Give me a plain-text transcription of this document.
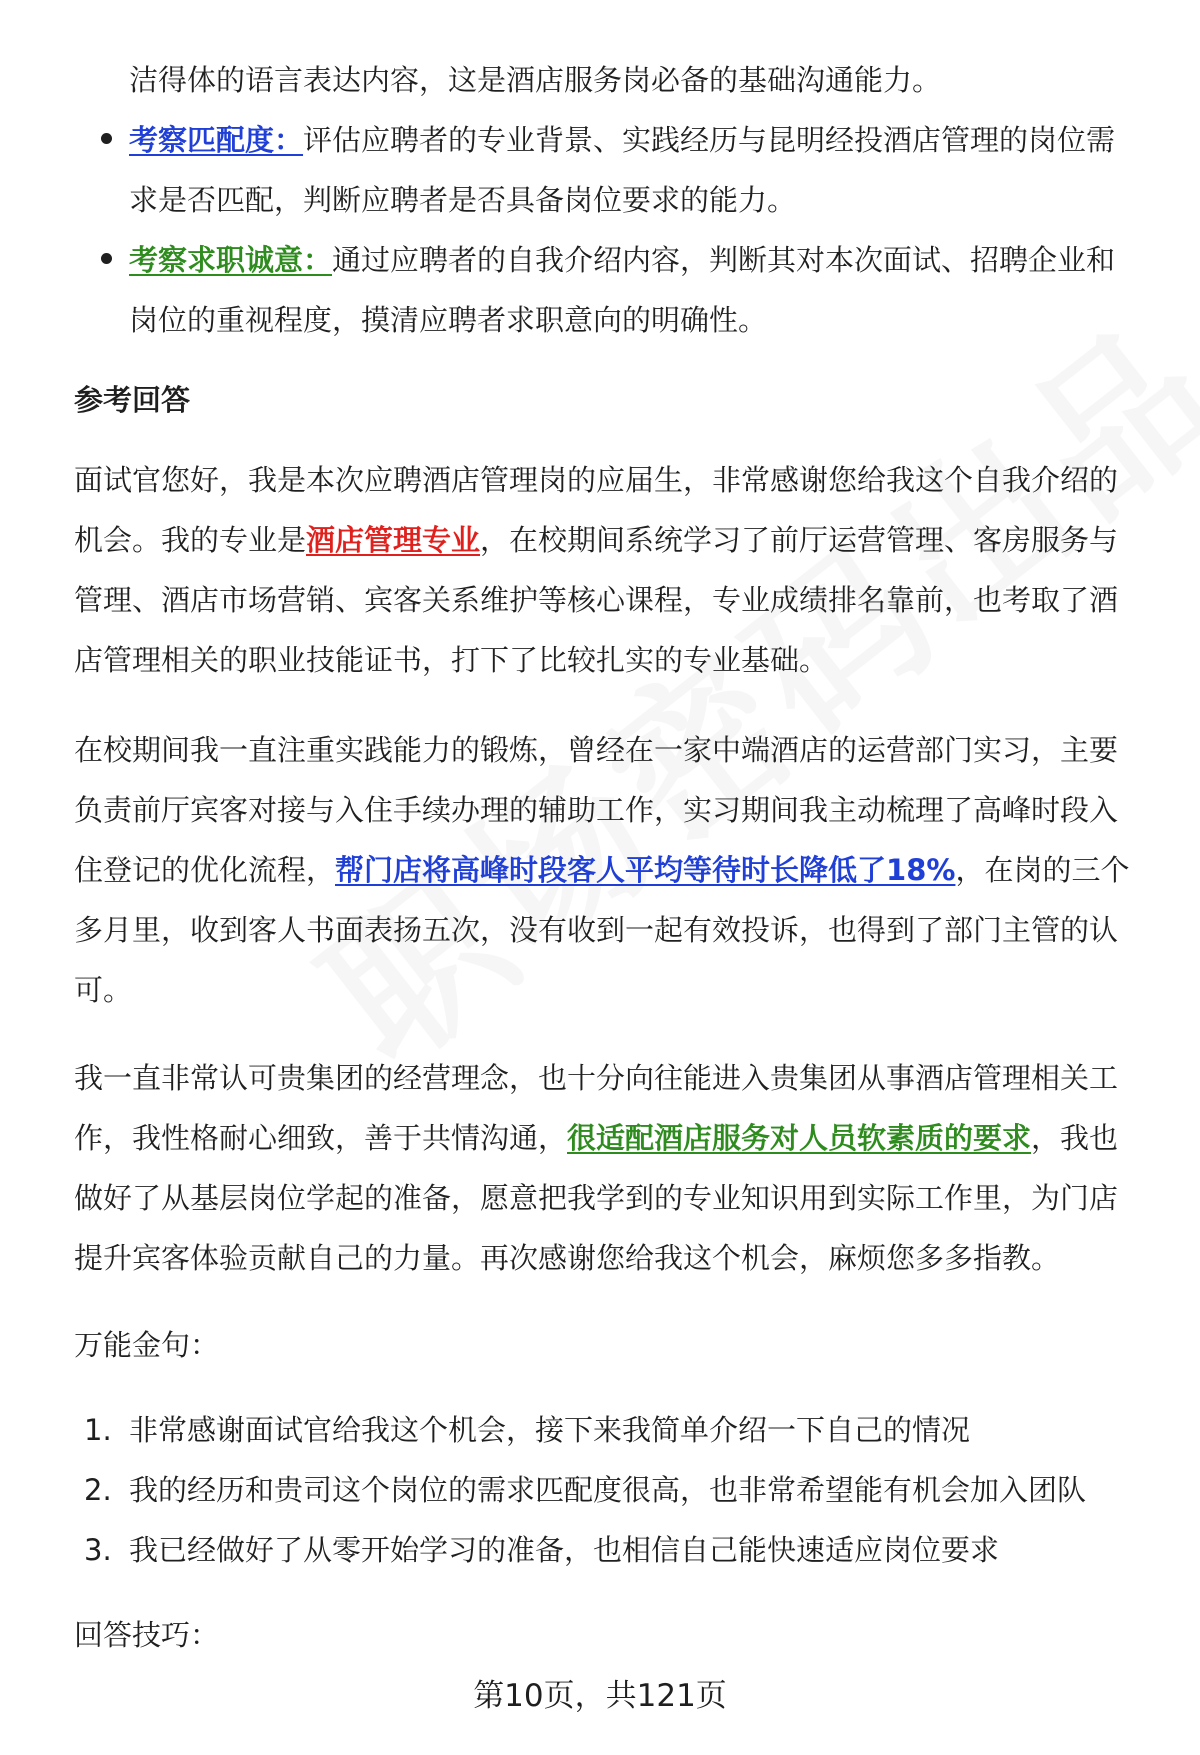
洁得体的语言表达内容，这是酒店服务岗必备的基础沟通能力。
考察匹配度：评估应聘者的专业背景、实践经历与昆明经投酒店管理的岗位需
求是否匹配，判断应聘者是否具备岗位要求的能力。
考察求职诚意：通过应聘者的自我介绍内容，判断其对本次面试、招聘企业和
岗位的重视程度，摸清应聘者求职意向的明确性。
参考回答
面试官您好，我是本次应聘酒店管理岗的应届生，非常感谢您给我这个自我介绍的
机会。我的专业是酒店管理专业，在校期间系统学习了前厅运营管理、客房服务与
管理、酒店市场营销、宾客关系维护等核心课程，专业成绩排名靠前，也考取了酒
店管理相关的职业技能证书，打下了比较扎实的专业基础。
在校期间我一直注重实践能力的锻炼，曾经在一家中端酒店的运营部门实习，主要
负责前厅宾客对接与入住手续办理的辅助工作，实习期间我主动梳理了高峰时段入
住登记的优化流程，帮门店将高峰时段客人平均等待时长降低了18%，在岗的三个
多月里，收到客人书面表扬五次，没有收到一起有效投诉，也得到了部门主管的认
可。
我一直非常认可贵集团的经营理念，也十分向往能进入贵集团从事酒店管理相关工
作，我性格耐心细致，善于共情沟通，很适配酒店服务对人员软素质的要求，我也
做好了从基层岗位学起的准备，愿意把我学到的专业知识用到实际工作里，为门店
提升宾客体验贡献自己的力量。再次感谢您给我这个机会，麻烦您多多指教。
万能金句：
1. 非常感谢面试官给我这个机会，接下来我简单介绍一下自己的情况
2. 我的经历和贵司这个岗位的需求匹配度很高，也非常希望能有机会加入团队
3. 我已经做好了从零开始学习的准备，也相信自己能快速适应岗位要求
回答技巧：
第10页，共121页
